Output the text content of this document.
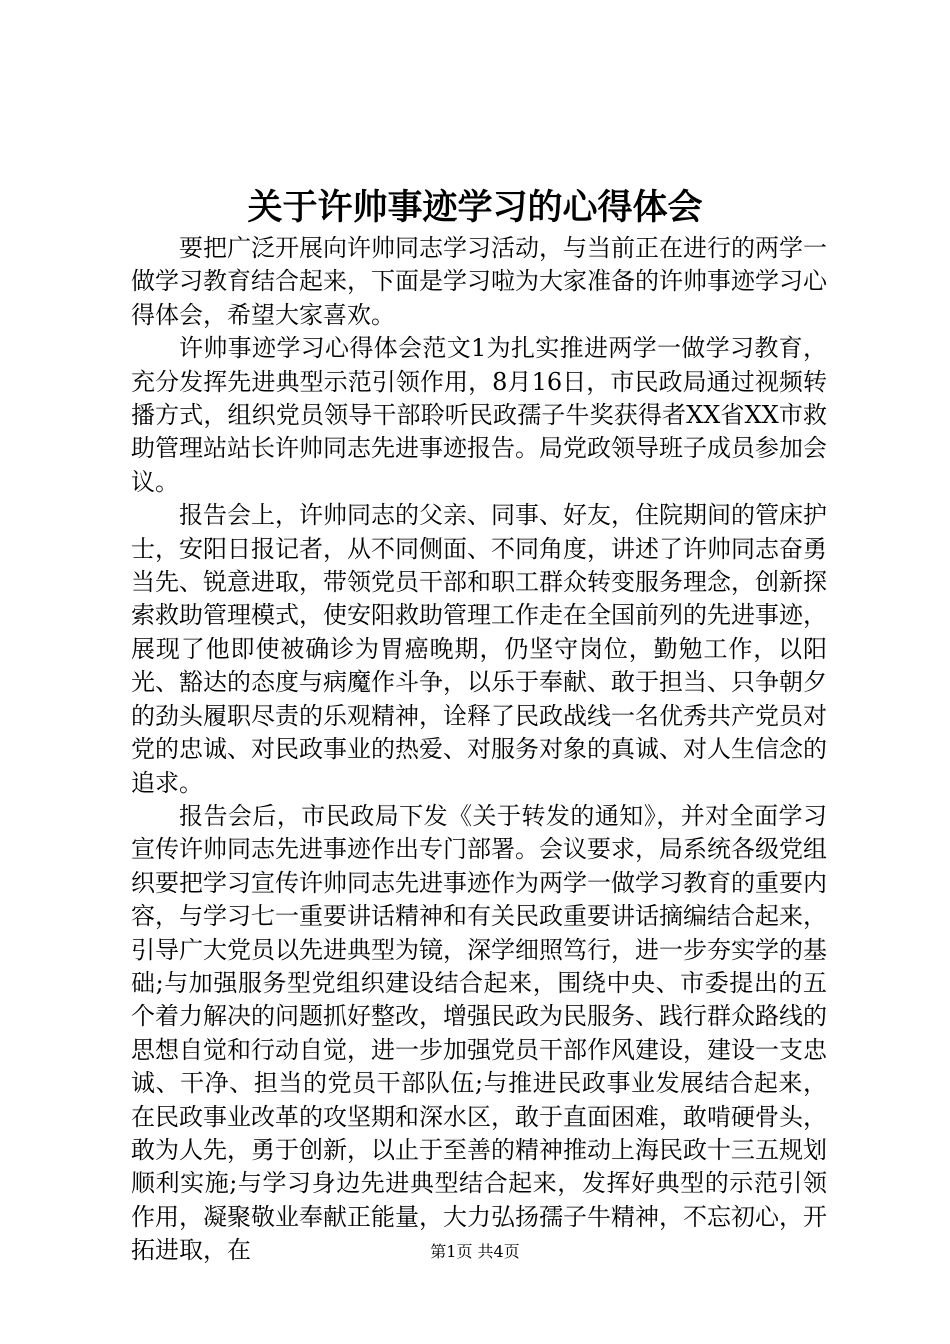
关于许帅事迹学习的心得体会

要把广泛开展向许帅同志学习活动，与当前正在进行的两学一做学习教育结合起来，下面是学习啦为大家准备的许帅事迹学习心得体会，希望大家喜欢。

许帅事迹学习心得体会范文1为扎实推进两学一做学习教育，充分发挥先进典型示范引领作用，8月16日，市民政局通过视频转播方式，组织党员领导干部聆听民政孺子牛奖获得者XX省XX市救助管理站站长许帅同志先进事迹报告。局党政领导班子成员参加会议。

报告会上，许帅同志的父亲、同事、好友，住院期间的管床护士，安阳日报记者，从不同侧面、不同角度，讲述了许帅同志奋勇当先、锐意进取，带领党员干部和职工群众转变服务理念，创新探索救助管理模式，使安阳救助管理工作走在全国前列的先进事迹，展现了他即使被确诊为胃癌晚期，仍坚守岗位，勤勉工作，以阳光、豁达的态度与病魔作斗争，以乐于奉献、敢于担当、只争朝夕的劲头履职尽责的乐观精神，诠释了民政战线一名优秀共产党员对党的忠诚、对民政事业的热爱、对服务对象的真诚、对人生信念的追求。

报告会后，市民政局下发《关于转发的通知》，并对全面学习宣传许帅同志先进事迹作出专门部署。会议要求，局系统各级党组织要把学习宣传许帅同志先进事迹作为两学一做学习教育的重要内容，与学习七一重要讲话精神和有关民政重要讲话摘编结合起来，引导广大党员以先进典型为镜，深学细照笃行，进一步夯实学的基础;与加强服务型党组织建设结合起来，围绕中央、市委提出的五个着力解决的问题抓好整改，增强民政为民服务、践行群众路线的思想自觉和行动自觉，进一步加强党员干部作风建设，建设一支忠诚、干净、担当的党员干部队伍;与推进民政事业发展结合起来，在民政事业改革的攻坚期和深水区，敢于直面困难，敢啃硬骨头，敢为人先，勇于创新，以止于至善的精神推动上海民政十三五规划顺利实施;与学习身边先进典型结合起来，发挥好典型的示范引领作用，凝聚敬业奉献正能量，大力弘扬孺子牛精神，不忘初心，开拓进取，在	第1页 共4页
